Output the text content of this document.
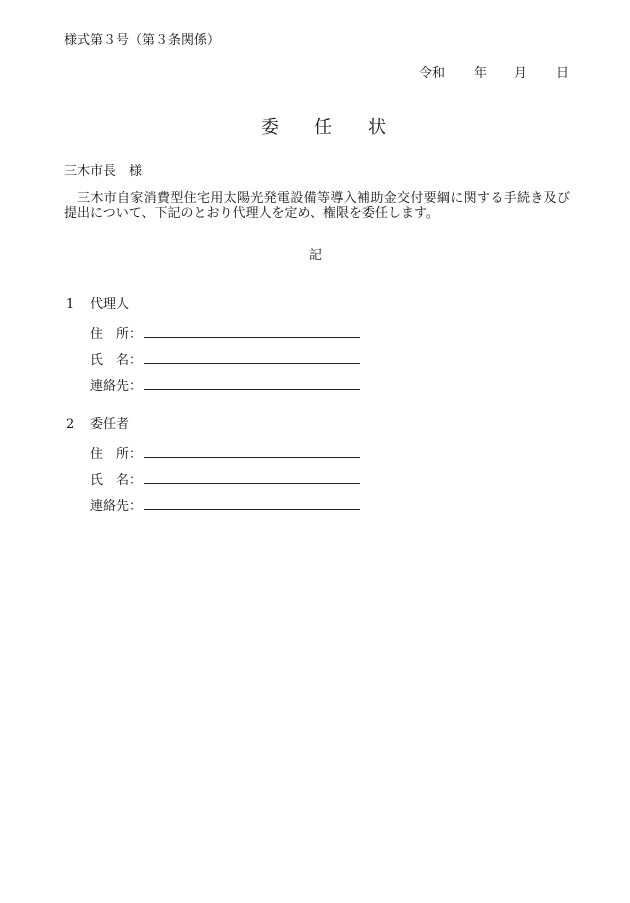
様式第３号（第３条関係）
令和 年 月 日
委 任 状
三木市長　様
三木市自家消費型住宅用太陽光発電設備等導入補助金交付要綱に関する手続き及び提出について、下記のとおり代理人を定め、権限を委任します。
記
1 代理人
住　所：
氏　名：
連絡先：
2 委任者
住　所：
氏　名：
連絡先：
